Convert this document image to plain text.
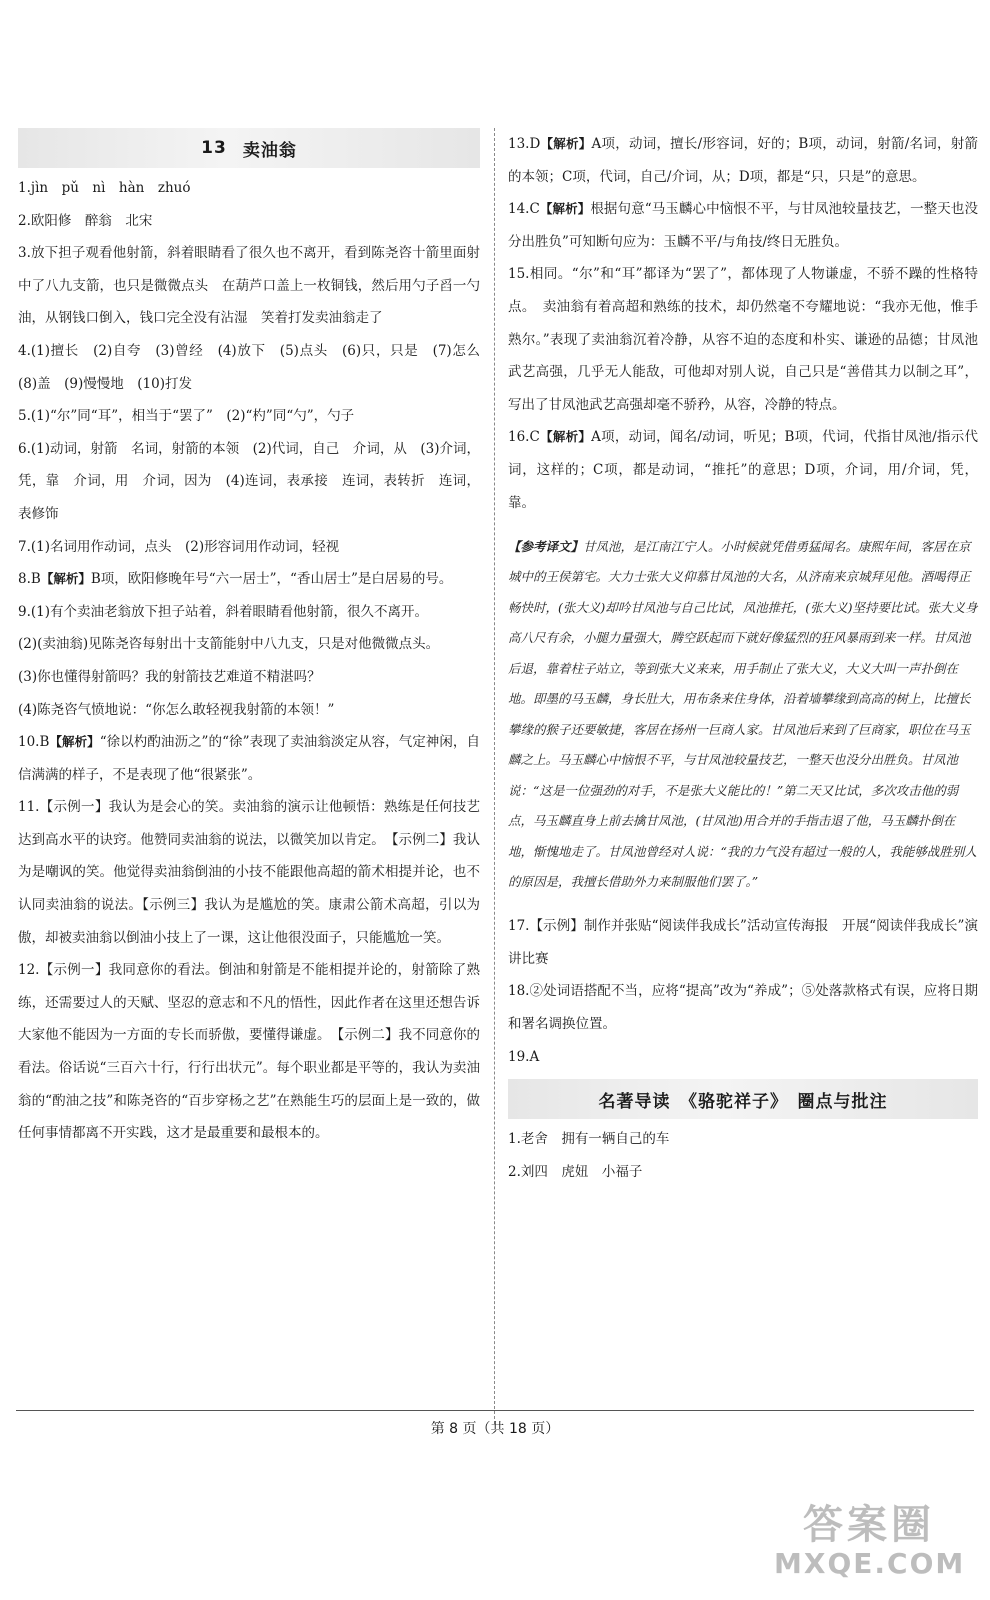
13 卖油翁

1.jìn　pǔ　nì　hàn　zhuó

2.欧阳修　醉翁　北宋

3.放下担子观看他射箭，斜着眼睛看了很久也不离开，看到陈尧咨十箭里面射中了八九支箭，也只是微微点头　在葫芦口盖上一枚铜钱，然后用勺子舀一勺油，从钢钱口倒入，钱口完全没有沾湿　笑着打发卖油翁走了

4.(1)擅长　(2)自夸　(3)曾经　(4)放下　(5)点头　(6)只，只是　(7)怎么　(8)盖　(9)慢慢地　(10)打发

5.(1)“尔”同“耳”，相当于“罢了”　(2)“杓”同“勺”，勺子

6.(1)动词，射箭　名词，射箭的本领　(2)代词，自己　介词，从　(3)介词，凭，靠　介词，用　介词，因为　(4)连词，表承接　连词，表转折　连词，表修饰

7.(1)名词用作动词，点头　(2)形容词用作动词，轻视

8.B【解析】B项，欧阳修晚年号“六一居士”，“香山居士”是白居易的号。

9.(1)有个卖油老翁放下担子站着，斜着眼睛看他射箭，很久不离开。

(2)(卖油翁)见陈尧咨每射出十支箭能射中八九支，只是对他微微点头。

(3)你也懂得射箭吗？我的射箭技艺难道不精湛吗？

(4)陈尧咨气愤地说：“你怎么敢轻视我射箭的本领！”

10.B【解析】“徐以杓酌油沥之”的“徐”表现了卖油翁淡定从容，气定神闲，自信满满的样子，不是表现了他“很紧张”。

11.【示例一】我认为是会心的笑。卖油翁的演示让他顿悟：熟练是任何技艺达到高水平的诀窍。他赞同卖油翁的说法，以微笑加以肯定。　【示例二】我认为是嘲讽的笑。他觉得卖油翁倒油的小技不能跟他高超的箭术相提并论，也不认同卖油翁的说法。【示例三】我认为是尴尬的笑。康肃公箭术高超，引以为傲，却被卖油翁以倒油小技上了一课，这让他很没面子，只能尴尬一笑。

12.【示例一】我同意你的看法。倒油和射箭是不能相提并论的，射箭除了熟练，还需要过人的天赋、坚忍的意志和不凡的悟性，因此作者在这里还想告诉大家他不能因为一方面的专长而骄傲，要懂得谦虚。　【示例二】我不同意你的看法。俗话说“三百六十行，行行出状元”。每个职业都是平等的，我认为卖油翁的“酌油之技”和陈尧咨的“百步穿杨之艺”在熟能生巧的层面上是一致的，做任何事情都离不开实践，这才是最重要和最根本的。

13.D【解析】A项，动词，擅长/形容词，好的；B项，动词，射箭/名词，射箭的本领；C项，代词，自己/介词，从；D项，都是“只，只是”的意思。

14.C【解析】根据句意“马玉麟心中恼恨不平，与甘凤池较量技艺，一整天也没分出胜负”可知断句应为：玉麟不平/与角技/终日无胜负。

15.相同。“尔”和“耳”都译为“罢了”，都体现了人物谦虚，不骄不躁的性格特点。　卖油翁有着高超和熟练的技术，却仍然毫不夸耀地说：“我亦无他，惟手熟尔。”表现了卖油翁沉着冷静，从容不迫的态度和朴实、谦逊的品德；甘凤池武艺高强，几乎无人能敌，可他却对别人说，自己只是“善借其力以制之耳”，写出了甘凤池武艺高强却毫不骄矜，从容，冷静的特点。

16.C【解析】A项，动词，闻名/动词，听见；B项，代词，代指甘凤池/指示代词，这样的；C项，都是动词，“推托”的意思；D项，介词，用/介词，凭，靠。

【参考译文】甘凤池，是江南江宁人。小时候就凭借勇猛闻名。康熙年间，客居在京城中的王侯第宅。大力士张大义仰慕甘凤池的大名，从济南来京城拜见他。酒喝得正畅快时，(张大义)却吟甘凤池与自己比试，凤池推托，(张大义)坚持要比试。张大义身高八尺有余，小腿力量强大，腾空跃起而下就好像猛烈的狂风暴雨到来一样。甘凤池后退，靠着柱子站立，等到张大义来来，用手制止了张大义，大义大叫一声扑倒在地。即墨的马玉麟，身长肚大，用布条来住身体，沿着墙攀缘到高高的树上，比擅长攀缘的猴子还要敏捷，客居在扬州一巨商人家。甘凤池后来到了巨商家，职位在马玉麟之上。马玉麟心中恼恨不平，与甘凤池较量技艺，一整天也没分出胜负。甘凤池说：“这是一位强劲的对手，不是张大义能比的！”第二天又比试，多次攻击他的弱点，马玉麟直身上前去擒甘凤池，(甘凤池)用合并的手指击退了他，马玉麟扑倒在地，惭愧地走了。甘凤池曾经对人说：“我的力气没有超过一般的人，我能够战胜别人的原因是，我擅长借助外力来制服他们罢了。”

17.【示例】制作并张贴“阅读伴我成长”活动宣传海报　开展“阅读伴我成长”演讲比赛

18.②处词语搭配不当，应将“提高”改为“养成”；⑤处落款格式有误，应将日期和署名调换位置。

19.A

名著导读　《骆驼祥子》　圈点与批注

1.老舍　拥有一辆自己的车

2.刘四　虎妞　小福子

第 8 页（共 18 页）
答案圈
MXQE.COM
